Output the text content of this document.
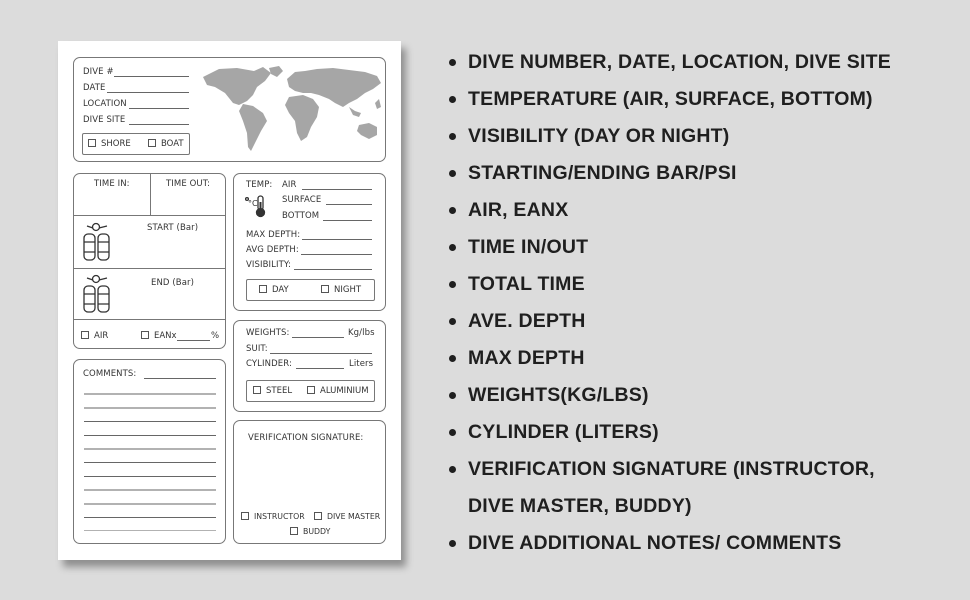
DIVE #
DATE
LOCATION
DIVE SITE
SHORE	BOAT
TIME IN:	TIME OUT:
START (Bar)
END (Bar)
AIR	EANx	%
TEMP:
°C
AIR
SURFACE
BOTTOM
MAX DEPTH:
AVG DEPTH:
VISIBILITY:
DAY	NIGHT
WEIGHTS:	Kg/lbs
SUIT:
CYLINDER:	Liters
STEEL	ALUMINIUM
COMMENTS:
VERIFICATION SIGNATURE:
INSTRUCTOR	DIVE MASTER
BUDDY
DIVE NUMBER, DATE, LOCATION, DIVE SITE
TEMPERATURE (AIR, SURFACE, BOTTOM)
VISIBILITY (DAY OR NIGHT)
STARTING/ENDING BAR/PSI
AIR, EANX
TIME IN/OUT
TOTAL TIME
AVE. DEPTH
MAX DEPTH
WEIGHTS(KG/LBS)
CYLINDER (LITERS)
VERIFICATION SIGNATURE (INSTRUCTOR,
DIVE MASTER, BUDDY)
DIVE ADDITIONAL NOTES/ COMMENTS
